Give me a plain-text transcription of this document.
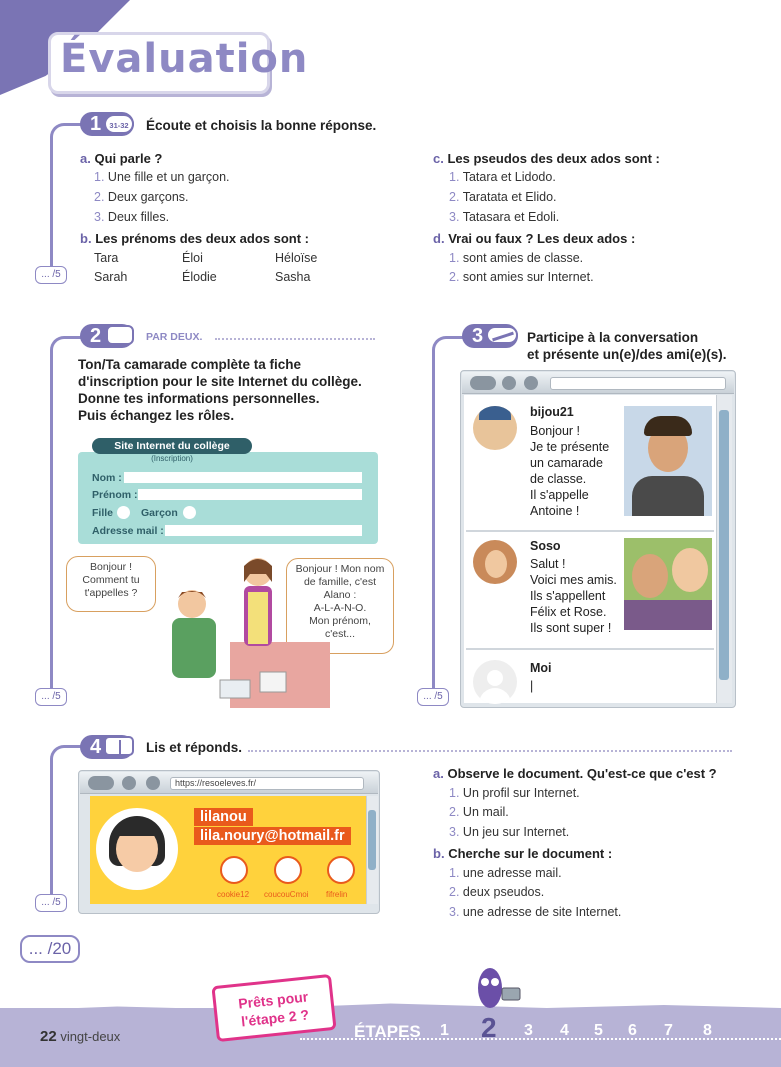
Évaluation
1	31-32 Écoute et choisis la bonne réponse.
... /5
a. Qui parle ?
1. Une fille et un garçon.
2. Deux garçons.
3. Deux filles.
b. Les prénoms des deux ados sont :
Tara	Éloi	Héloïse
Sarah	Élodie	Sasha
c. Les pseudos des deux ados sont :
1. Tatara et Lidodo.
2. Taratata et Elido.
3. Tatasara et Edoli.
d. Vrai ou faux ? Les deux ados :
1. sont amies de classe.
2. sont amies sur Internet.
2	PAR DEUX.
Ton/Ta camarade complète ta fiche
d'inscription pour le site Internet du collège.
Donne tes informations personnelles.
Puis échangez les rôles.
Site Internet du collège
(Inscription)
Nom :
Prénom :
Fille	Garçon
Adresse mail :
Bonjour !
Comment tu
t'appelles ?
Bonjour ! Mon nom
de famille, c'est
Alano :
A-L-A-N-O.
Mon prénom,
c'est...
... /5
3	Participe à la conversation
et présente un(e)/des ami(e)(s).
bijou21
Bonjour !
Je te présente
un camarade
de classe.
Il s'appelle
Antoine !
Soso
Salut !
Voici mes amis.
Ils s'appellent
Félix et Rose.
Ils sont super !
Moi
|
... /5
4	Lis et réponds.
https://resoeleves.fr/
lilanou
lila.noury@hotmail.fr
cookie12 coucouCmoi fifrelin
... /5
a. Observe le document. Qu'est-ce que c'est ?
1. Un profil sur Internet.
2. Un mail.
3. Un jeu sur Internet.
b. Cherche sur le document :
1. une adresse mail.
2. deux pseudos.
3. une adresse de site Internet.
... /20
22 vingt-deux
Prêts pour
l'étape 2 ?
ÉTAPES 1 2 3 4 5 6 7 8
